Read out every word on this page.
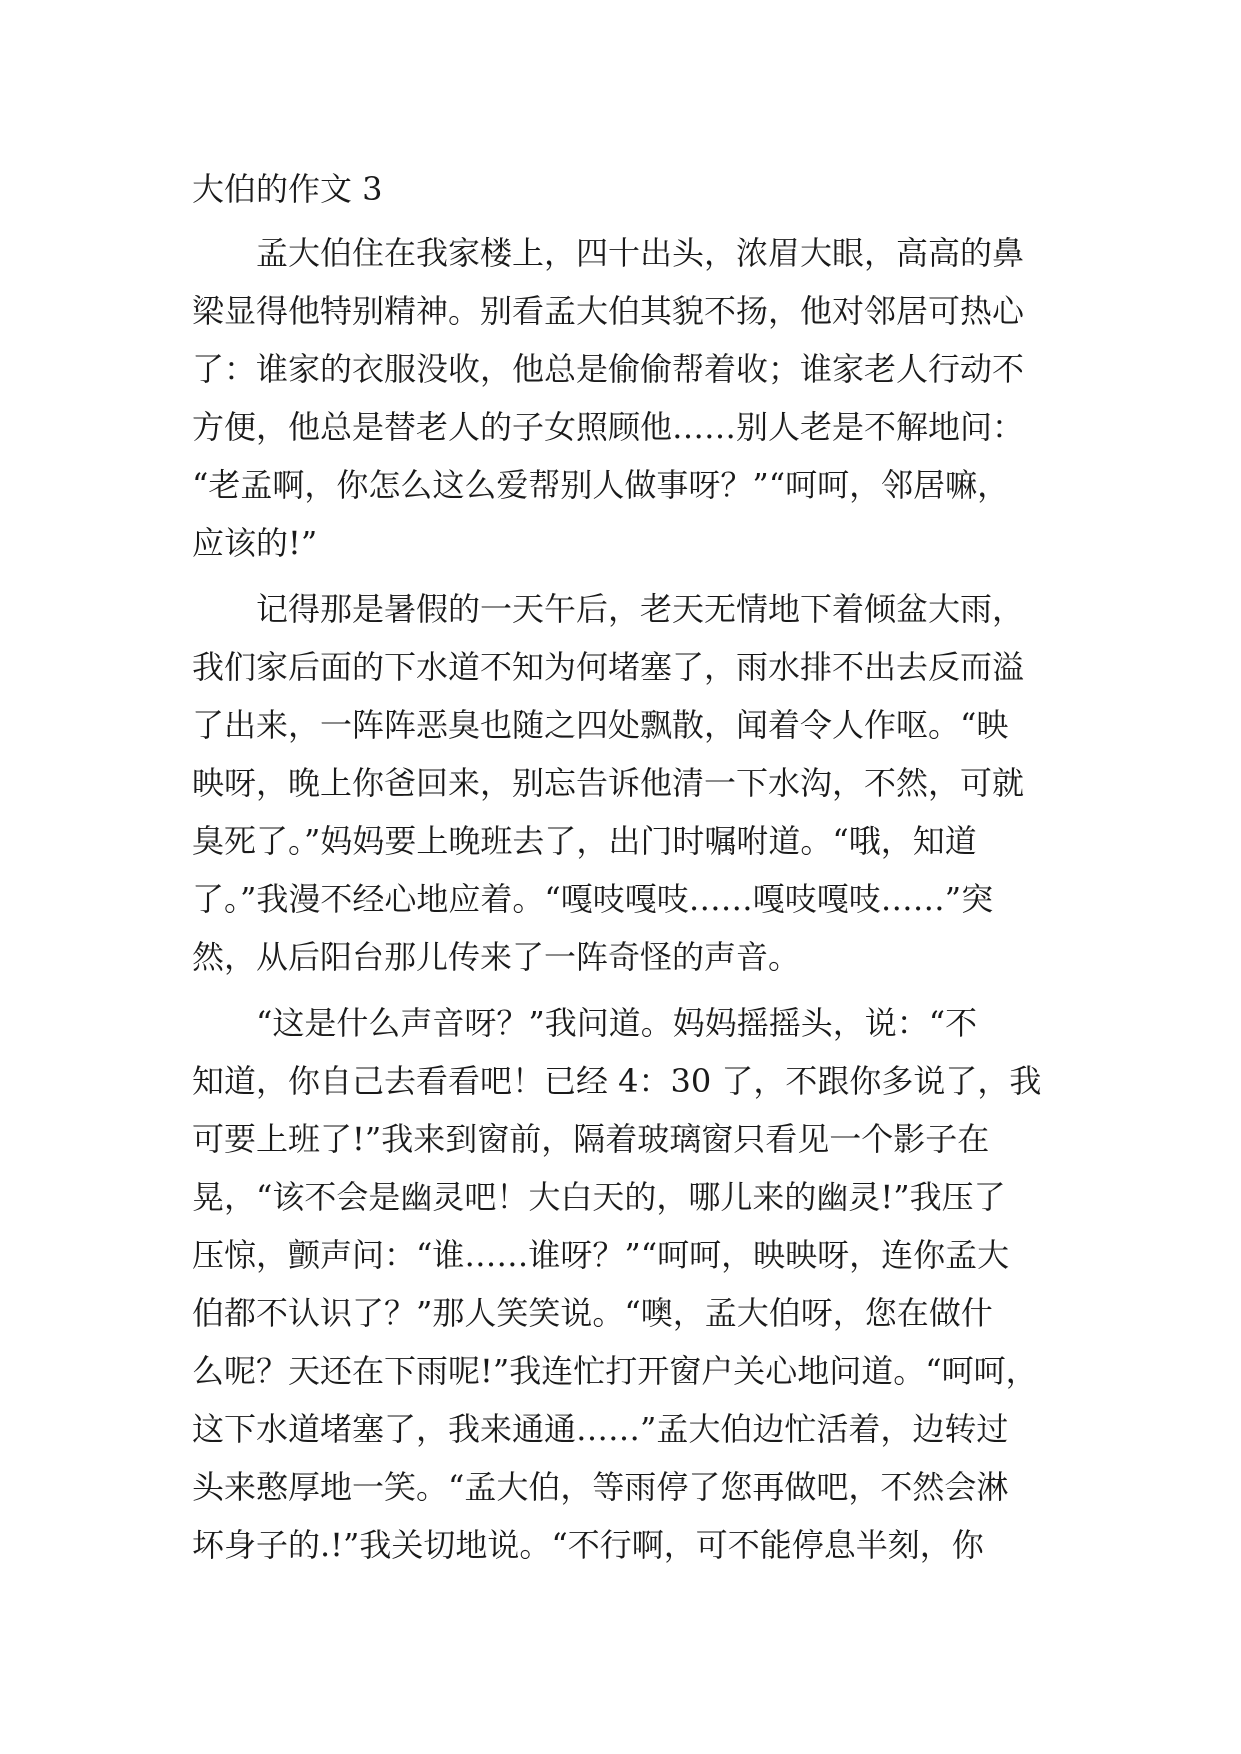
大伯的作文 3
孟大伯住在我家楼上，四十出头，浓眉大眼，高高的鼻
梁显得他特别精神。别看孟大伯其貌不扬，他对邻居可热心
了：谁家的衣服没收，他总是偷偷帮着收；谁家老人行动不
方便，他总是替老人的子女照顾他……别人老是不解地问：
“老孟啊，你怎么这么爱帮别人做事呀？”“呵呵，邻居嘛，
应该的!”
记得那是暑假的一天午后，老天无情地下着倾盆大雨，
我们家后面的下水道不知为何堵塞了，雨水排不出去反而溢
了出来，一阵阵恶臭也随之四处飘散，闻着令人作呕。“映
映呀，晚上你爸回来，别忘告诉他清一下水沟，不然，可就
臭死了。”妈妈要上晚班去了，出门时嘱咐道。“哦，知道
了。”我漫不经心地应着。“嘎吱嘎吱……嘎吱嘎吱……”突
然，从后阳台那儿传来了一阵奇怪的声音。
“这是什么声音呀？”我问道。妈妈摇摇头，说：“不
知道，你自己去看看吧！已经 4：30 了，不跟你多说了，我
可要上班了!”我来到窗前，隔着玻璃窗只看见一个影子在
晃，“该不会是幽灵吧！大白天的，哪儿来的幽灵!”我压了
压惊，颤声问：“谁……谁呀？”“呵呵，映映呀，连你孟大
伯都不认识了？”那人笑笑说。“噢，孟大伯呀，您在做什
么呢？天还在下雨呢!”我连忙打开窗户关心地问道。“呵呵，
这下水道堵塞了，我来通通……”孟大伯边忙活着，边转过
头来憨厚地一笑。“孟大伯，等雨停了您再做吧，不然会淋
坏身子的.!”我关切地说。“不行啊，可不能停息半刻，你
